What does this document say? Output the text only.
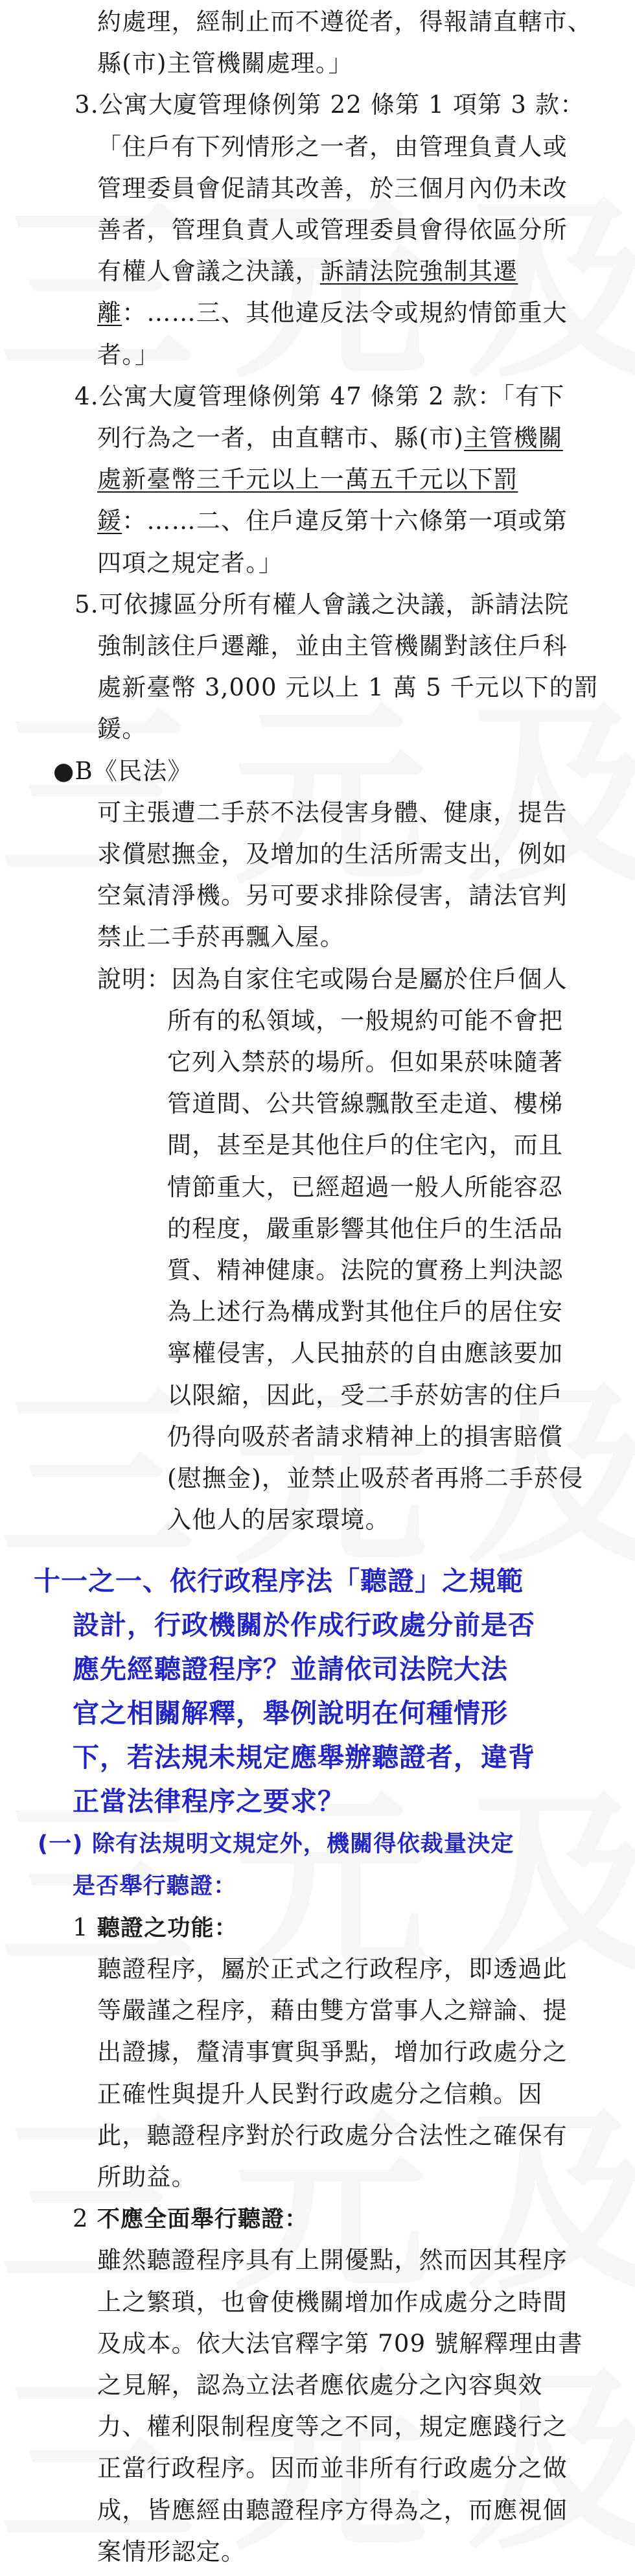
約處理，經制止而不遵從者，得報請直轄市、
縣(市)主管機關處理。」
3.公寓大廈管理條例第 22 條第 1 項第 3 款：
「住戶有下列情形之一者，由管理負責人或
管理委員會促請其改善，於三個月內仍未改
善者，管理負責人或管理委員會得依區分所
有權人會議之決議，訴請法院強制其遷
離：……三、其他違反法令或規約情節重大
者。」
4.公寓大廈管理條例第 47 條第 2 款：「有下
列行為之一者，由直轄市、縣(市)主管機關
處新臺幣三千元以上一萬五千元以下罰
鍰：……二、住戶違反第十六條第一項或第
四項之規定者。」
5.可依據區分所有權人會議之決議，訴請法院
強制該住戶遷離，並由主管機關對該住戶科
處新臺幣 3,000 元以上 1 萬 5 千元以下的罰
鍰。
●B《民法》
可主張遭二手菸不法侵害身體、健康，提告
求償慰撫金，及增加的生活所需支出，例如
空氣清淨機。另可要求排除侵害，請法官判
禁止二手菸再飄入屋。
說明：因為自家住宅或陽台是屬於住戶個人
所有的私領域，一般規約可能不會把
它列入禁菸的場所。但如果菸味隨著
管道間、公共管線飄散至走道、樓梯
間，甚至是其他住戶的住宅內，而且
情節重大，已經超過一般人所能容忍
的程度，嚴重影響其他住戶的生活品
質、精神健康。法院的實務上判決認
為上述行為構成對其他住戶的居住安
寧權侵害，人民抽菸的自由應該要加
以限縮，因此，受二手菸妨害的住戶
仍得向吸菸者請求精神上的損害賠償
(慰撫金)，並禁止吸菸者再將二手菸侵
入他人的居家環境。
十一之一、依行政程序法「聽證」之規範
設計，行政機關於作成行政處分前是否
應先經聽證程序？並請依司法院大法
官之相關解釋，舉例說明在何種情形
下，若法規未規定應舉辦聽證者，違背
正當法律程序之要求？
(一) 除有法規明文規定外，機關得依裁量決定
是否舉行聽證：
1 聽證之功能：
聽證程序，屬於正式之行政程序，即透過此
等嚴謹之程序，藉由雙方當事人之辯論、提
出證據，釐清事實與爭點，增加行政處分之
正確性與提升人民對行政處分之信賴。因
此，聽證程序對於行政處分合法性之確保有
所助益。
2 不應全面舉行聽證：
雖然聽證程序具有上開優點，然而因其程序
上之繁瑣，也會使機關增加作成處分之時間
及成本。依大法官釋字第 709 號解釋理由書
之見解，認為立法者應依處分之內容與效
力、權利限制程度等之不同，規定應踐行之
正當行政程序。因而並非所有行政處分之做
成，皆應經由聽證程序方得為之，而應視個
案情形認定。
